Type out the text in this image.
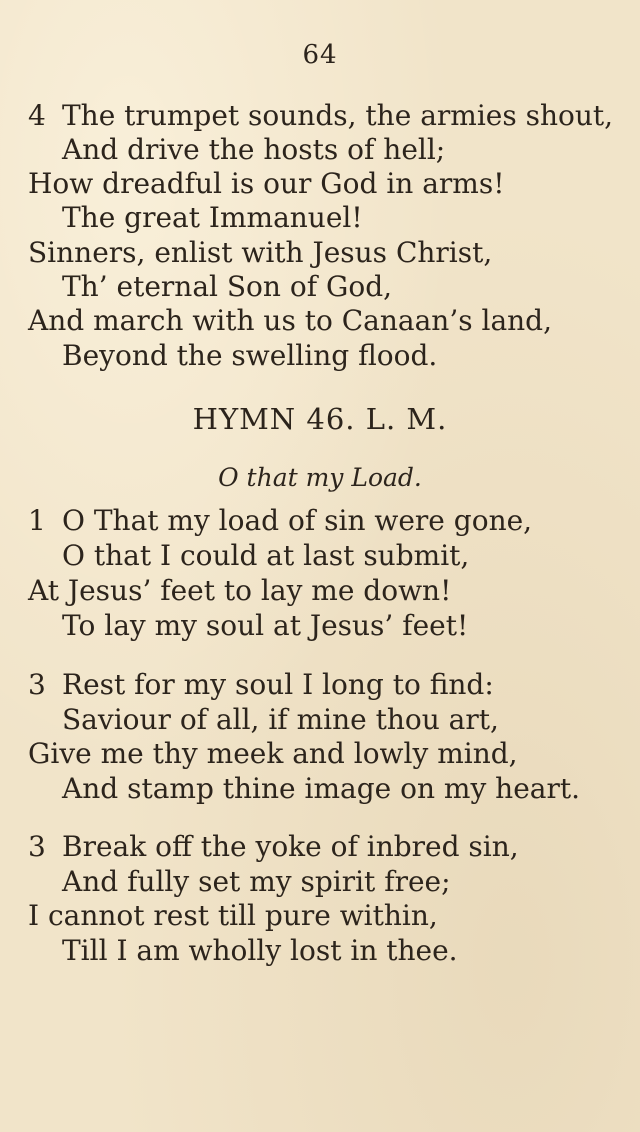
64
4 The trumpet sounds, the armies shout,
And drive the hosts of hell;
How dreadful is our God in arms!
The great Immanuel!
Sinners, enlist with Jesus Christ,
Th’ eternal Son of God,
And march with us to Canaan’s land,
Beyond the swelling flood.
HYMN 46. L. M.
O that my Load.
1 O That my load of sin were gone,
O that I could at last submit,
At Jesus’ feet to lay me down!
To lay my soul at Jesus’ feet!
3 Rest for my soul I long to find:
Saviour of all, if mine thou art,
Give me thy meek and lowly mind,
And stamp thine image on my heart.
3 Break off the yoke of inbred sin,
And fully set my spirit free;
I cannot rest till pure within,
Till I am wholly lost in thee.
